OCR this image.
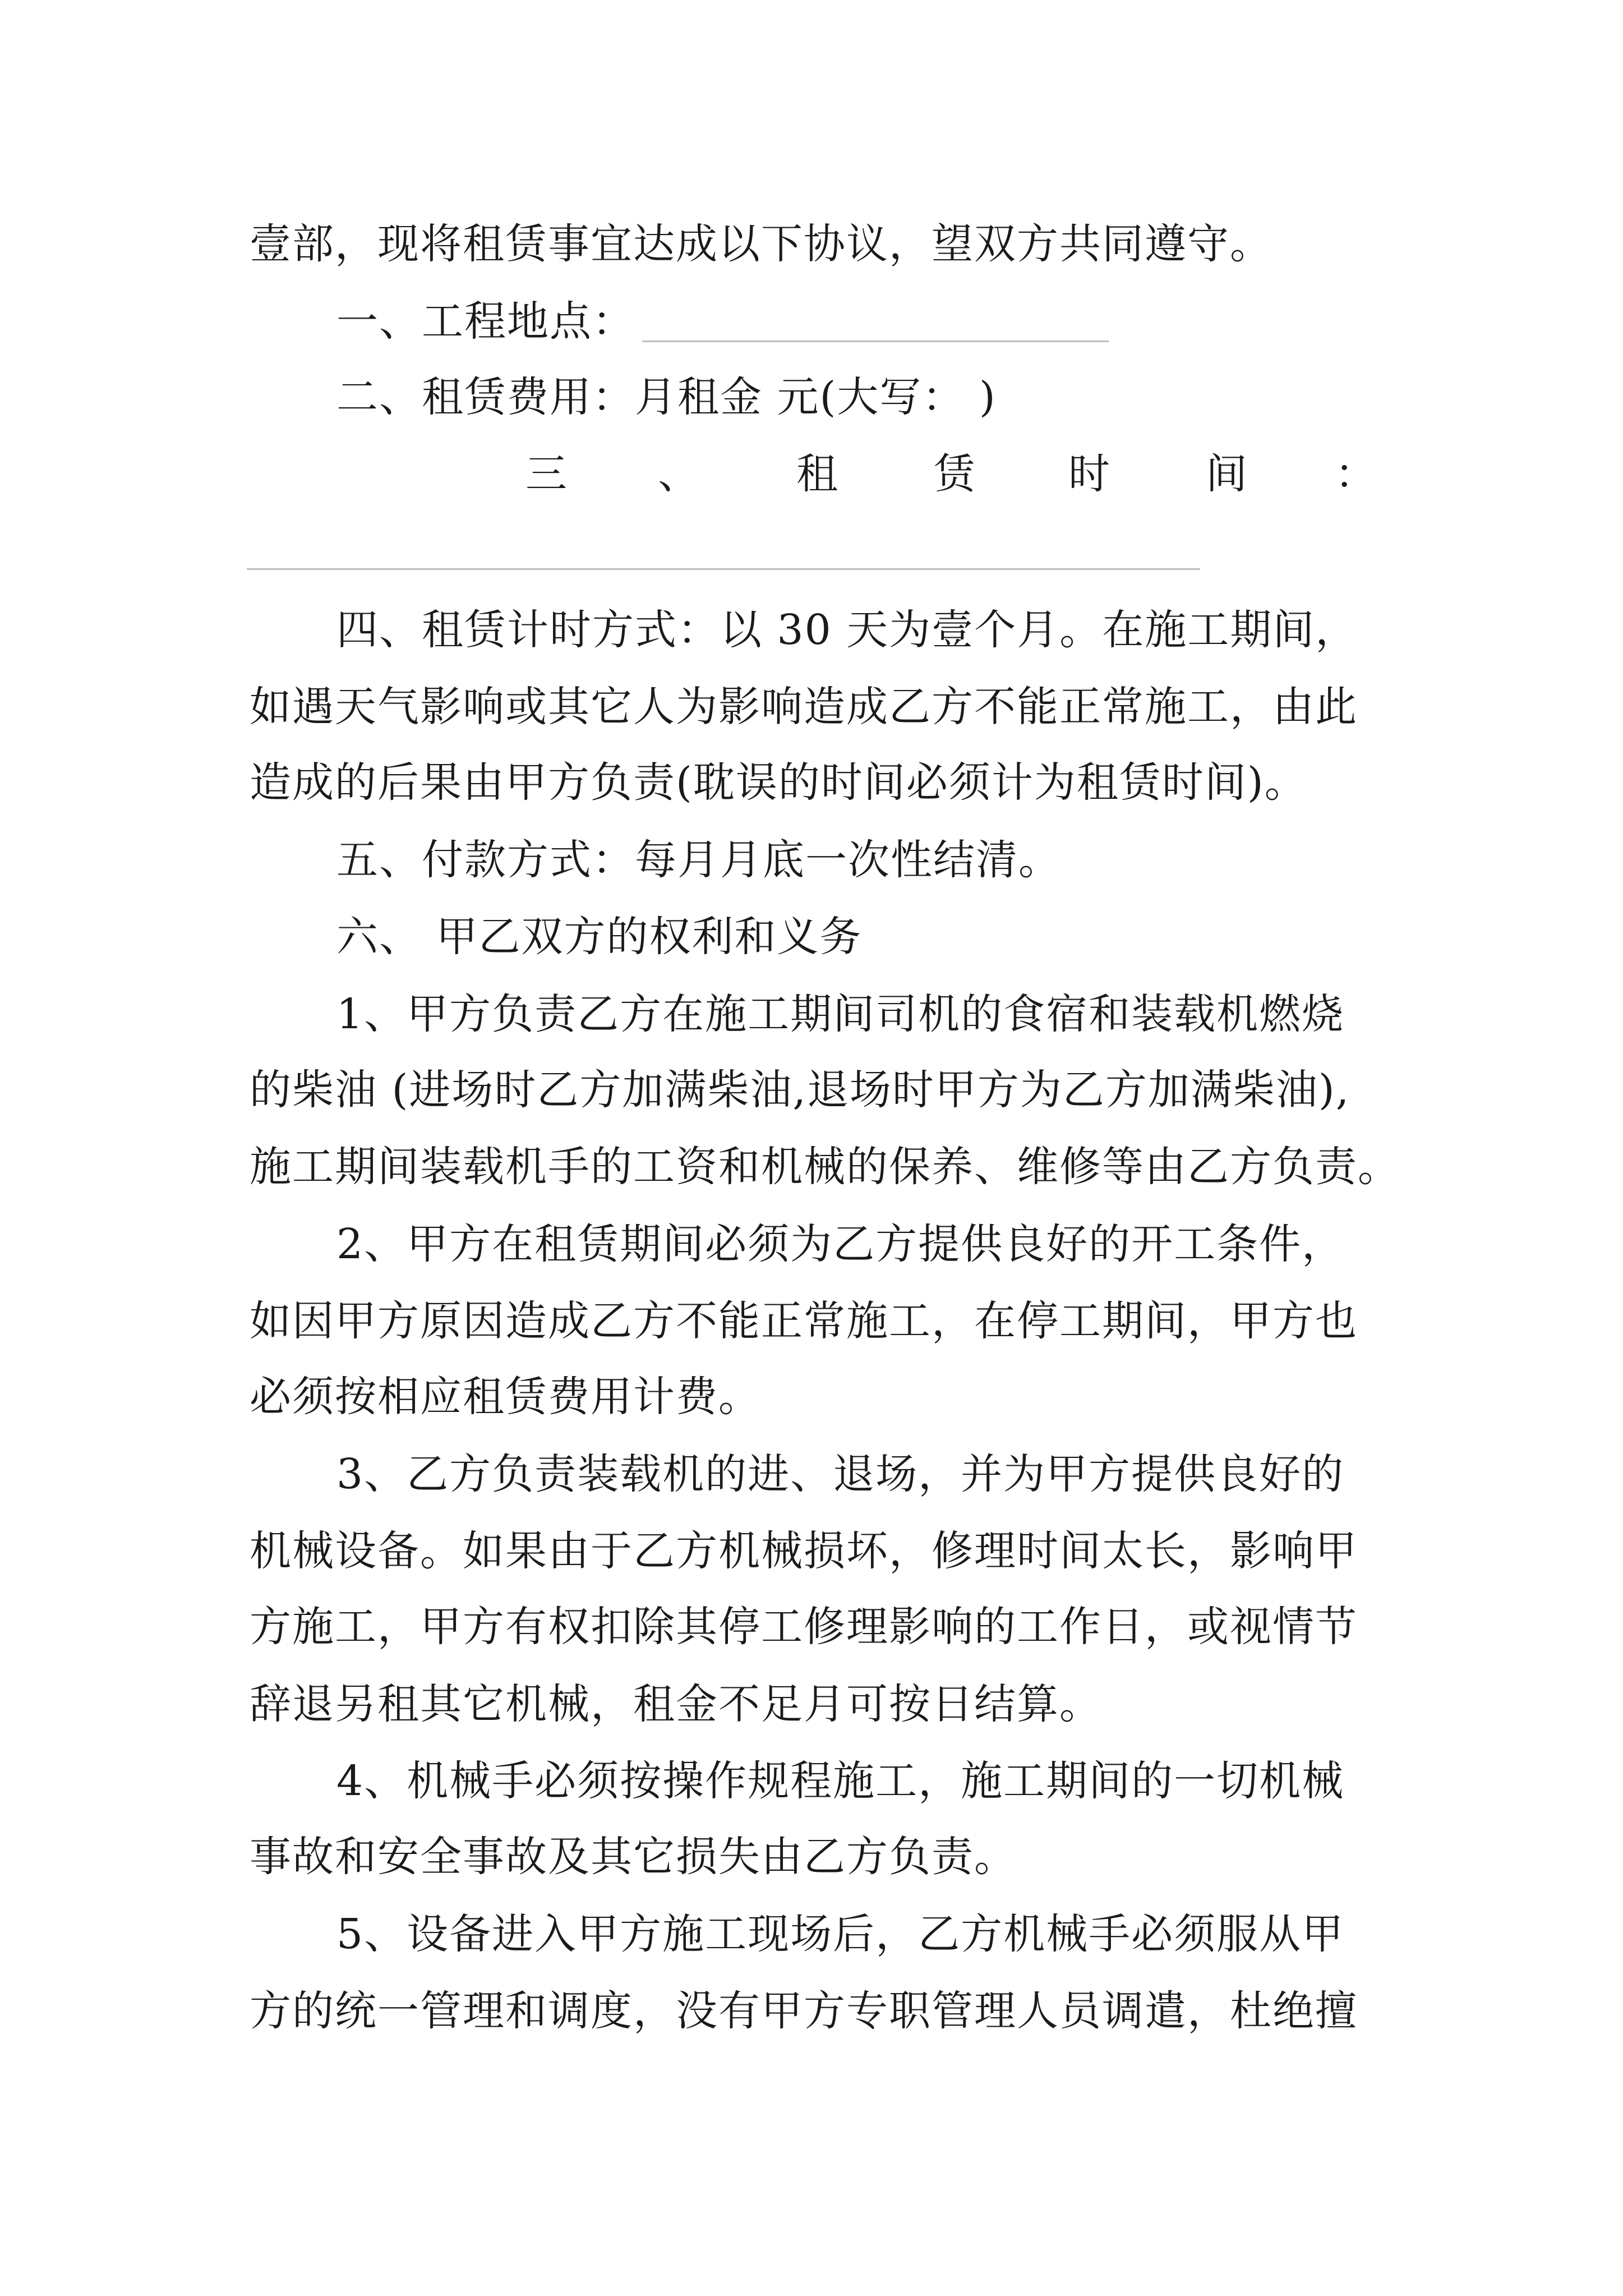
壹部，现将租赁事宜达成以下协议，望双方共同遵守。
一、工程地点：
二、租赁费用：月租金 元(大写： )
三 、 租 赁 时 间 ：
四、租赁计时方式：以 30 天为壹个月。在施工期间，
如遇天气影响或其它人为影响造成乙方不能正常施工，由此
造成的后果由甲方负责(耽误的时间必须计为租赁时间)。
五、付款方式：每月月底一次性结清。
六、 甲乙双方的权利和义务
1、甲方负责乙方在施工期间司机的食宿和装载机燃烧
的柴油 (进场时乙方加满柴油,退场时甲方为乙方加满柴油),
施工期间装载机手的工资和机械的保养、维修等由乙方负责。
2、甲方在租赁期间必须为乙方提供良好的开工条件，
如因甲方原因造成乙方不能正常施工，在停工期间，甲方也
必须按相应租赁费用计费。
3、乙方负责装载机的进、退场，并为甲方提供良好的
机械设备。如果由于乙方机械损坏，修理时间太长，影响甲
方施工，甲方有权扣除其停工修理影响的工作日，或视情节
辞退另租其它机械，租金不足月可按日结算。
4、机械手必须按操作规程施工，施工期间的一切机械
事故和安全事故及其它损失由乙方负责。
5、设备进入甲方施工现场后，乙方机械手必须服从甲
方的统一管理和调度，没有甲方专职管理人员调遣，杜绝擅
